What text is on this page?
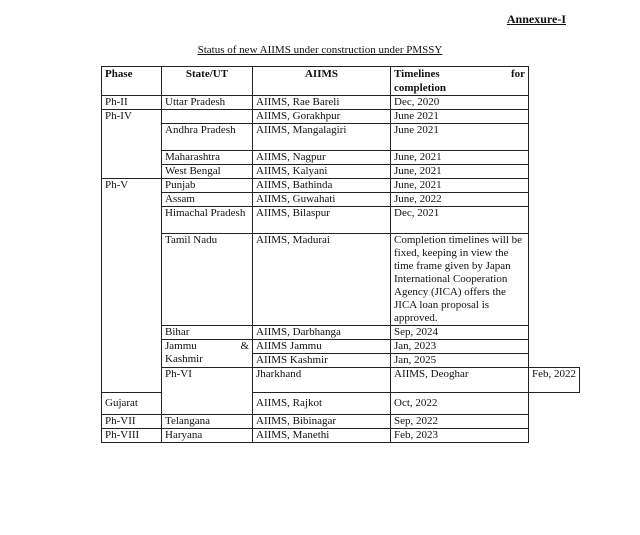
Annexure-I
Status of new AIIMS under construction under PMSSY
Phase	State/UT	AIIMS	Timelines for
completion	

Ph-II	Uttar Pradesh	AIIMS, Rae Bareli	Dec, 2020	
Ph-IV		AIIMS, Gorakhpur	June 2021	
	Andhra Pradesh	AIIMS, Mangalagiri	June 2021	
	Maharashtra	AIIMS, Nagpur	June, 2021	
	West Bengal	AIIMS, Kalyani	June, 2021	
Ph-V	Punjab	AIIMS, Bathinda	June, 2021	
	Assam	AIIMS, Guwahati	June, 2022	
	Himachal Pradesh	AIIMS, Bilaspur	Dec, 2021	
	Tamil Nadu	AIIMS, Madurai	Completion timelines will be fixed, keeping in view the time frame given by Japan International Cooperation Agency (JICA) offers the JICA loan proposal is approved.	
	Bihar	AIIMS, Darbhanga	Sep, 2024	

	Jammu &
Kashmir	AIIMS Jammu	Jan, 2023	
		AIIMS Kashmir	Jan, 2025	
	Ph-VI	Jharkhand	AIIMS, Deoghar	Feb, 2022
Gujarat		AIIMS, Rajkot	Oct, 2022	
Ph-VII	Telangana	AIIMS, Bibinagar	Sep, 2022	
Ph-VIII	Haryana	AIIMS, Manethi	Feb, 2023	
